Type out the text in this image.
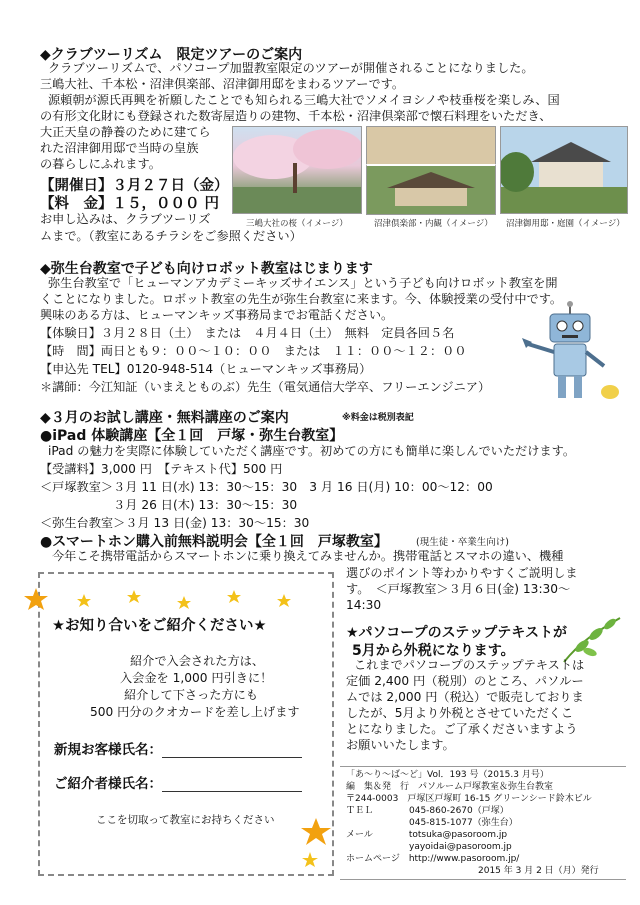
◆クラブツーリズム　限定ツアーのご案内
クラブツーリズムで、パソコープ加盟教室限定のツアーが開催されることになりました。
三嶋大社、千本松・沼津倶楽部、沼津御用邸をまわるツアーです。
源頼朝が源氏再興を祈願したことでも知られる三嶋大社でソメイヨシノや枝垂桜を楽しみ、国
の有形文化財にも登録された数寄屋造りの建物、千本松・沼津倶楽部で懐石料理をいただき、
大正天皇の静養のために建てら
れた沼津御用邸で当時の皇族
の暮らしにふれます。
【開催日】３月２７日（金）
【料　金】１５，０００ 円
お申し込みは、クラブツーリズ
ムまで。（教室にあるチラシをご参照ください）
三嶋大社の桜（イメージ）	沼津倶楽部・内観（イメージ） 沼津御用邸・庭園（イメージ）
◆弥生台教室で子ども向けロボット教室はじまります
弥生台教室で「ヒューマンアカデミーキッズサイエンス」という子ども向けロボット教室を開
くことになりました。ロボット教室の先生が弥生台教室に来ます。今、体験授業の受付中です。
興味のある方は、ヒューマンキッズ事務局までお電話ください。
【体験日】３月２８日（土）　または　４月４日（土）　無料　定員各回５名
【時　間】両日とも９：００～１０：００　または　１１：００～１２：００
【申込先 TEL】0120-948-514（ヒューマンキッズ事務局）
＊講師：今江知証（いまえとものぶ）先生（電気通信大学卒、フリーエンジニア）
◆３月のお試し講座・無料講座のご案内	※料金は税別表記
●iPad 体験講座【全１回　戸塚・弥生台教室】
iPad の魅力を実際に体験していただく講座です。初めての方にも簡単に楽しんでいただけます。
【受講料】3,000 円　【テキスト代】500 円
＜戸塚教室＞３月 11 日(水) 13：30～15：30　3 月 16 日(月) 10：00～12：00
　　　　　　３月 26 日(木) 13：30～15：30
＜弥生台教室＞３月 13 日(金) 13：30～15：30
●スマートホン購入前無料説明会【全１回　戸塚教室】	(現生徒・卒業生向け)
今年こそ携帯電話からスマートホンに乗り換えてみませんか。携帯電話とスマホの違い、機種
選びのポイント等わかりやすくご説明しま
す。　＜戸塚教室＞３月６日(金) 13:30～
14:30
★お知り合いをご紹介ください★
紹介で入会された方は、
入会金を 1,000 円引きに！
紹介して下さった方にも
500 円分のクオカードを差し上げます
新規お客様氏名：
ご紹介者様氏名：
ここを切取って教室にお持ちください
★パソコープのステップテキストが
5月から外税になります。
これまでパソコープのステップテキストは
定価 2,400 円（税別）のところ、パソルー
ムでは 2,000 円（税込）で販売しておりま
したが、5月より外税とさせていただくこ
とになりました。ご了承くださいますよう
お願いいたします。
「あ～り～ば～ど」Vol．193 号（2015.3 月号）
編　集＆発　行　パソルーム戸塚教室＆弥生台教室
〒244-0003　戸塚区戸塚町 16-15 グリーンシード鈴木ビル
ＴＥＬ　　　　045-860-2670（戸塚）
　　　　　　　045-815-1077（弥生台）
メール　　　　totsuka@pasoroom.jp
　　　　　　　yayoidai@pasoroom.jp
ホームページ　http://www.pasoroom.jp/
2015 年 3 月 2 日（月）発行
